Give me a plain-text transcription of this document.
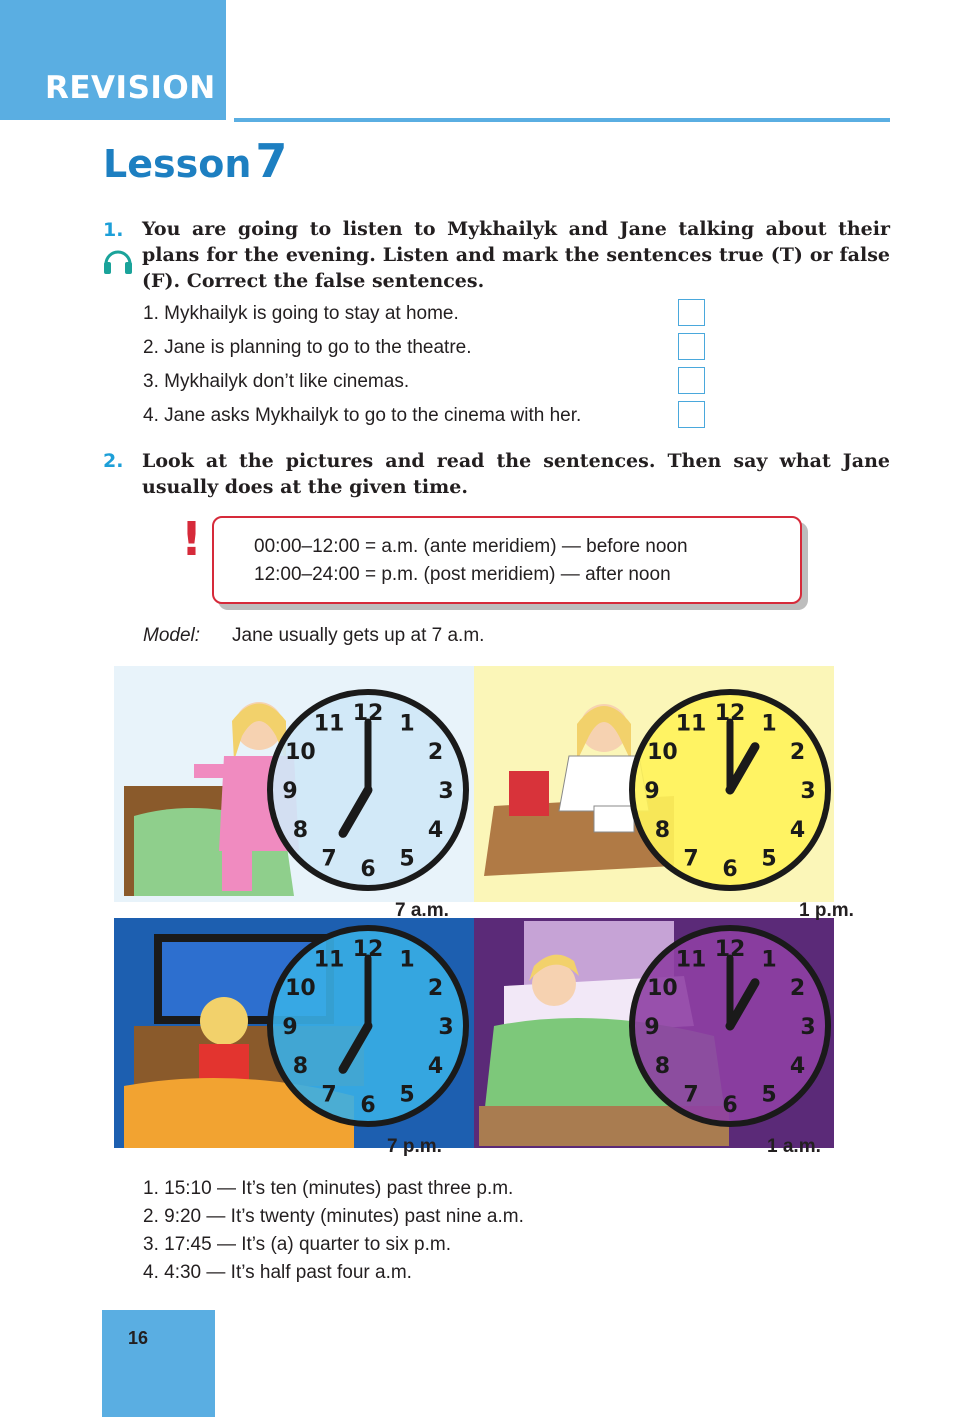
REVISION
Lesson7
1. You are going to listen to Mykhailyk and Jane talking about their plans for the evening. Listen and mark the sentences true (T) or false (F). Correct the false sentences.
1. Mykhailyk is going to stay at home.
2. Jane is planning to go to the theatre.
3. Mykhailyk don’t like cinemas.
4. Jane asks Mykhailyk to go to the cinema with her.
2. Look at the pictures and read the sentences. Then say what Jane usually does at the given time.
!	00:00–12:00 = a.m. (ante meridiem) — before noon
12:00–24:00 = p.m. (post meridiem) — after noon
Model: Jane usually gets up at 7 a.m.
1
2
3
4
5
6
7
8
9
10
11 12	1
2
3
4
5
6
7
8
9
10
11 12
1
2
3
4
5
6
7
8
9
10
11 12	1
2
3
4
5
6
7
8
9
10
11 12
7 a.m.	1 p.m.
7 p.m.	1 a.m.
1. 15:10 — It’s ten (minutes) past three p.m.
2. 9:20 — It’s twenty (minutes) past nine a.m.
3. 17:45 — It’s (a) quarter to six p.m.
4. 4:30 — It’s half past four a.m.
16
